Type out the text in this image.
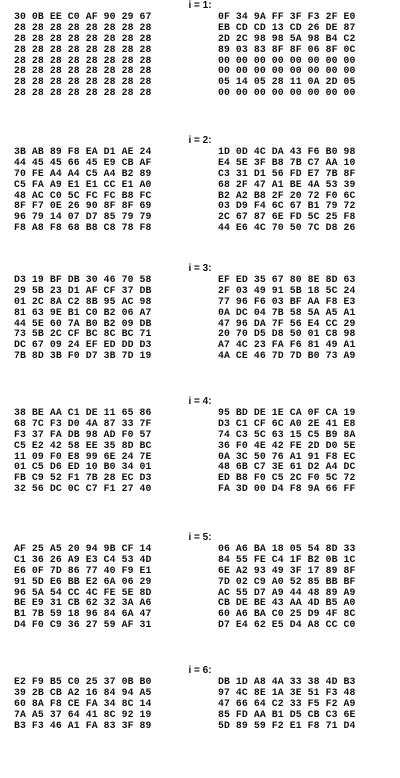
i = 1:
30 0B EE C0 AF 90 29 67
28 28 28 28 28 28 28 28
28 28 28 28 28 28 28 28
28 28 28 28 28 28 28 28
28 28 28 28 28 28 28 28
28 28 28 28 28 28 28 28
28 28 28 28 28 28 28 28
28 28 28 28 28 28 28 28
0F 34 9A FF 3F F3 2F E0
EB CD CD 13 CD 26 DE 87
2D 2C 98 98 5A 98 B4 C2
89 03 83 8F 8F 06 8F 0C
00 00 00 00 00 00 00 00
00 00 00 00 00 00 00 00
05 14 05 28 11 0A 2D 05
00 00 00 00 00 00 00 00
i = 2:
3B AB 89 F8 EA D1 AE 24
44 45 45 66 45 E9 CB AF
70 FE A4 A4 C5 A4 B2 89
C5 FA A9 E1 E1 CC E1 A0
48 AC C0 5C FC FC B8 FC
8F F7 0E 26 90 8F 8F 69
96 79 14 07 D7 85 79 79
F8 A8 F8 68 B8 C8 78 F8
1D 0D 4C DA 43 F6 B0 98
E4 5E 3F B8 7B C7 AA 10
C3 31 D1 56 FD E7 7B 8F
68 2F 47 A1 BE 4A 53 39
B2 A2 B8 2F 20 72 F0 6C
03 D9 F4 6C 67 B1 79 72
2C 67 87 6E FD 5C 25 F8
44 E6 4C 70 50 7C D8 26
i = 3:
D3 19 BF DB 30 46 70 58
29 5B 23 D1 AF CF 37 DB
01 2C 8A C2 8B 95 AC 98
81 63 9E B1 C0 B2 06 A7
44 5E 60 7A B0 B2 09 DB
73 5B 2C CF BC 8C BC 71
DC 67 09 24 EF ED DD D3
7B 8D 3B F0 D7 3B 7D 19
EF ED 35 67 80 8E 8D 63
2F 03 49 91 5B 18 5C 24
77 96 F6 03 BF AA F8 E3
0A DC 04 7B 58 5A A5 A1
47 96 DA 7F 56 E4 CC 29
20 70 D5 D8 50 01 C8 98
A7 4C 23 FA F6 81 49 A1
4A CE 46 7D 7D B0 73 A9
i = 4:
38 BE AA C1 DE 11 65 86
68 7C F3 D0 4A 87 33 7F
F3 37 FA DB 98 AD F0 57
C5 E2 42 58 EE 35 8D BC
11 09 F0 E8 99 6E 24 7E
01 C5 D6 ED 10 B0 34 01
FB C9 52 F1 7B 28 EC D3
32 56 DC 0C C7 F1 27 40
95 BD DE 1E CA 0F CA 19
D3 C1 CF 6C A0 2E 41 E8
74 C3 5C 63 15 C5 B9 8A
36 F0 4E 42 FE 2D D0 5E
0A 3C 50 76 A1 91 F8 EC
48 6B C7 3E 61 D2 A4 DC
ED B8 F0 C5 2C F0 5C 72
FA 3D 00 D4 F8 9A 66 FF
i = 5:
AF 25 A5 20 94 9B CF 14
C1 36 26 A9 E3 C4 53 4D
E6 0F 7D 86 77 40 F9 E1
91 5D E6 BB E2 6A 06 29
96 5A 54 CC 4C FE 5E 8D
BE E9 31 CB 62 32 3A A6
B1 7B 59 18 96 84 6A 47
D4 F0 C9 36 27 59 AF 31
06 A6 BA 18 05 54 8D 33
84 55 FE C4 1F B2 0B 1C
6E A2 93 49 3F 17 89 8F
7D 02 C9 A0 52 85 BB BF
AC 55 D7 A9 44 48 89 A9
CB DE BE 43 AA 4D B5 A0
60 A6 BA C0 25 D9 4F 8C
D7 E4 62 E5 D4 A8 CC C0
i = 6:
E2 F9 B5 C0 25 37 0B B0
39 2B CB A2 16 84 94 A5
60 8A F8 CE FA 34 8C 14
7A A5 37 64 41 8C 92 19
B3 F3 46 A1 FA 83 3F 89
DB 1D A8 4A 33 38 4D B3
97 4C 8E 1A 3E 51 F3 48
47 66 64 C2 33 F5 F2 A9
85 FD AA B1 D5 CB C3 6E
5D 89 59 F2 E1 F8 71 D4
